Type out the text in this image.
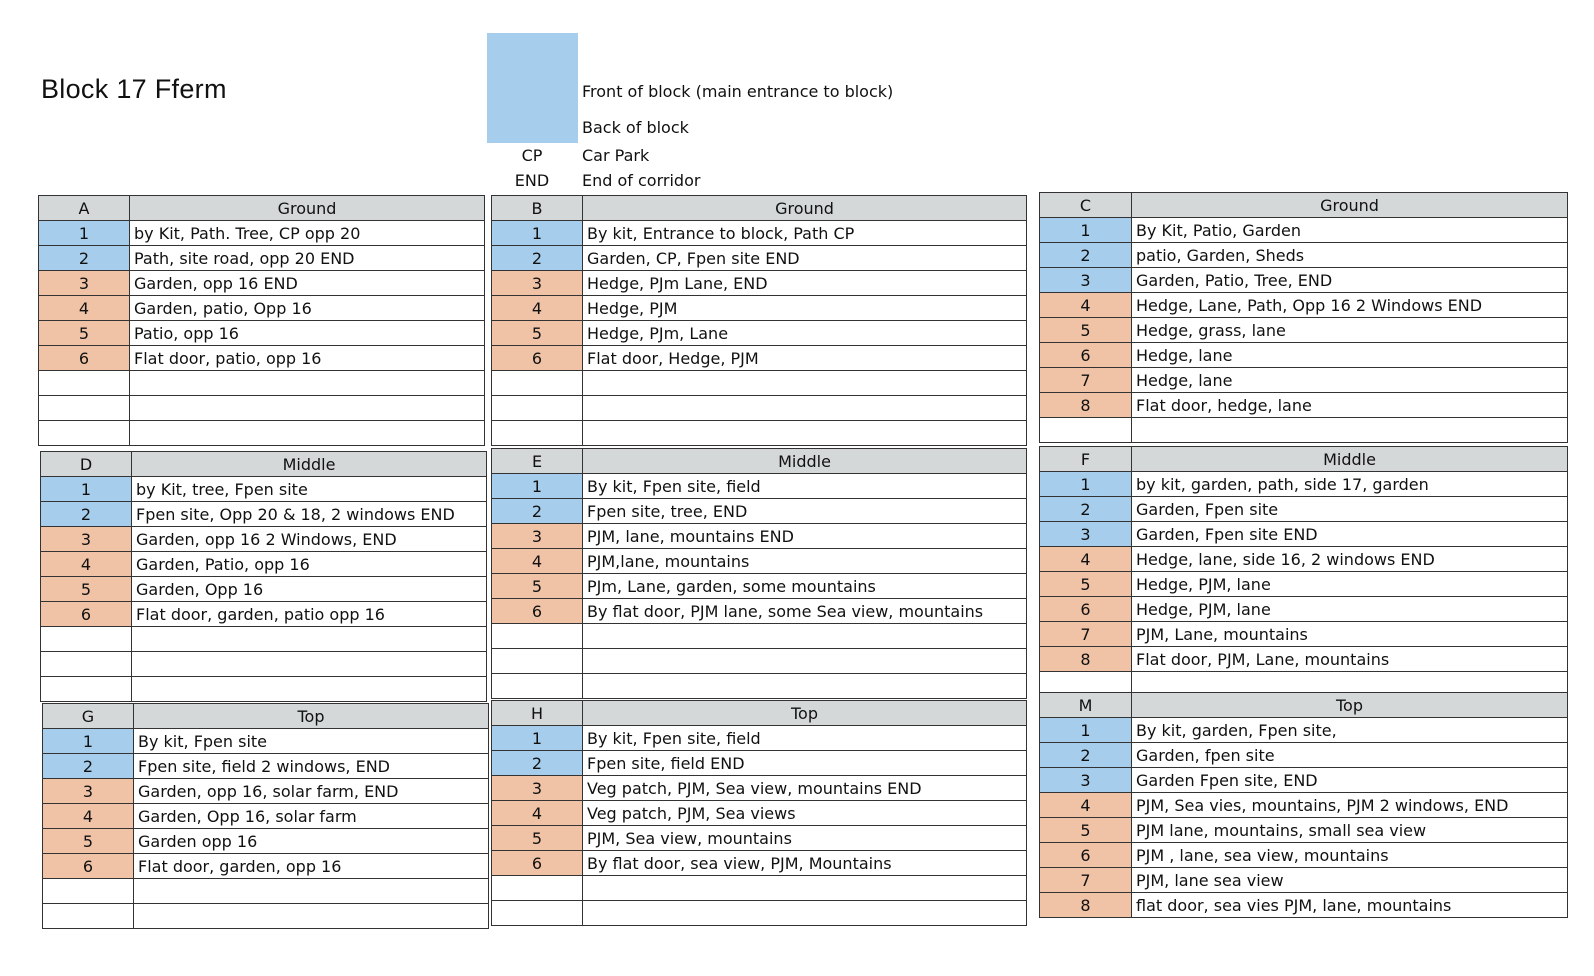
Block 17 Fferm	Front of block (main entrance to block)
Back of block
CP	Car Park
END	End of corridor
A	Ground
1	by Kit, Path. Tree, CP opp 20
2	Path, site road, opp 20 END
3	Garden, opp 16 END
4	Garden, patio, Opp 16
5	Patio, opp 16
6	Flat door, patio, opp 16

B	Ground
1	By kit, Entrance to block, Path CP
2	Garden, CP, Fpen site END
3	Hedge, PJm Lane, END
4	Hedge, PJM
5	Hedge, PJm, Lane
6	Flat door, Hedge, PJM

C	Ground
1	By Kit, Patio, Garden
2	patio, Garden, Sheds
3	Garden, Patio, Tree, END
4	Hedge, Lane, Path, Opp 16 2 Windows END
5	Hedge, grass, lane
6	Hedge, lane
7	Hedge, lane
8	Flat door, hedge, lane

D	Middle
1	by Kit, tree, Fpen site
2	Fpen site, Opp 20 & 18, 2 windows END
3	Garden, opp 16 2 Windows, END
4	Garden, Patio, opp 16
5	Garden, Opp 16
6	Flat door, garden, patio opp 16

E	Middle
1	By kit, Fpen site, field
2	Fpen site, tree, END
3	PJM, lane, mountains END
4	PJM,lane, mountains
5	PJm, Lane, garden, some mountains
6	By flat door, PJM lane, some Sea view, mountains

F	Middle
1	by kit, garden, path, side 17, garden
2	Garden, Fpen site
3	Garden, Fpen site END
4	Hedge, lane, side 16, 2 windows END
5	Hedge, PJM, lane
6	Hedge, PJM, lane
7	PJM, Lane, mountains
8	Flat door, PJM, Lane, mountains

G	Top
1	By kit, Fpen site
2	Fpen site, field 2 windows, END
3	Garden, opp 16, solar farm, END
4	Garden, Opp 16, solar farm
5	Garden opp 16
6	Flat door, garden, opp 16

H	Top
1	By kit, Fpen site, field
2	Fpen site, field END
3	Veg patch, PJM, Sea view, mountains END
4	Veg patch, PJM, Sea views
5	PJM, Sea view, mountains
6	By flat door, sea view, PJM, Mountains

M	Top
1	By kit, garden, Fpen site,
2	Garden, fpen site
3	Garden Fpen site, END
4	PJM, Sea vies, mountains, PJM 2 windows, END
5	PJM lane, mountains, small sea view
6	PJM , lane, sea view, mountains
7	PJM, lane sea view
8	flat door, sea vies PJM, lane, mountains
